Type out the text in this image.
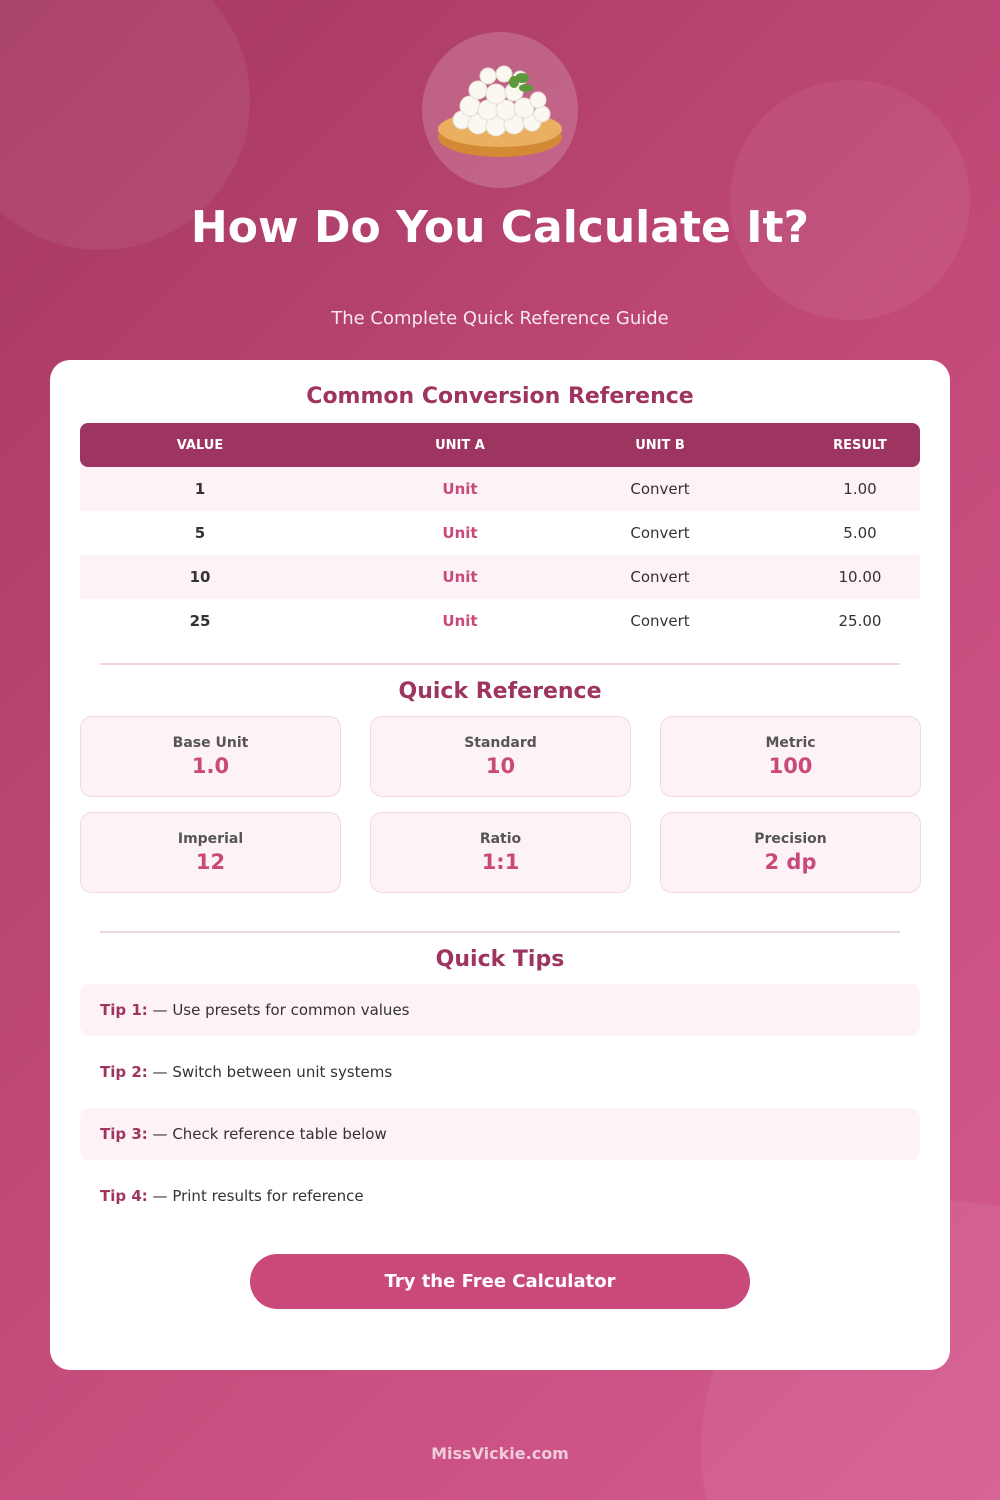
How Do You Calculate It?
The Complete Quick Reference Guide
Common Conversion Reference
VALUE	UNIT A	UNIT B	RESULT
1	Unit	Convert	1.00
5	Unit	Convert	5.00
10	Unit	Convert	10.00
25	Unit	Convert	25.00
Quick Reference
Base Unit
1.0
Standard
10
Metric
100
Imperial
12
Ratio
1:1
Precision
2 dp
Quick Tips
Tip 1: — Use presets for common values
Tip 2: — Switch between unit systems
Tip 3: — Check reference table below
Tip 4: — Print results for reference
Try the Free Calculator
MissVickie.com
